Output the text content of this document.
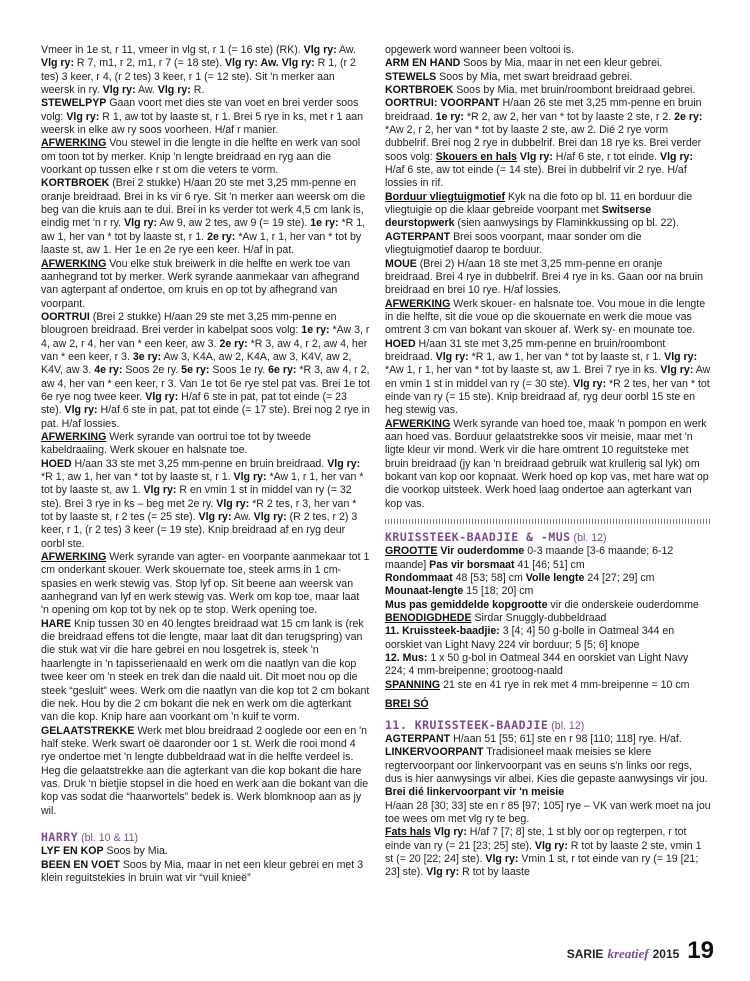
Vmeer in 1e st, r 11, vmeer in vlg st, r 1 (= 16 ste) (RK). Vlg ry: Aw. Vlg ry: R 7, m1, r 2, m1, r 7 (= 18 ste). Vlg ry: Aw. Vlg ry: R 1, (r 2 tes) 3 keer, r 4, (r 2 tes) 3 keer, r 1 (= 12 ste). Sit 'n merker aan weersk in ry. Vlg ry: Aw. Vlg ry: R.

STEWELPYP Gaan voort met dies ste van voet en brei verder soos volg: Vlg ry: R 1, aw tot by laaste st, r 1. Brei 5 rye in ks, met r 1 aan weersk in elke aw ry soos voorheen. H/af r manier.

AFWERKING Vou stewel in die lengte in die helfte en werk van sool om toon tot by merker. Knip 'n lengte breidraad en ryg aan die voorkant op tussen elke r st om die veters te vorm.

KORTBROEK (Brei 2 stukke) H/aan 20 ste met 3,25 mm-penne en oranje breidraad. Brei in ks vir 6 rye. Sit 'n merker aan weersk om die beg van die kruis aan te dui. Brei in ks verder tot werk 4,5 cm lank is, eindig met 'n r ry. Vlg ry: Aw 9, aw 2 tes, aw 9 (= 19 ste). 1e ry: *R 1, aw 1, her van * tot by laaste st, r 1. 2e ry: *Aw 1, r 1, her van * tot by laaste st, aw 1. Her 1e en 2e rye een keer. H/af in pat.

AFWERKING Vou elke stuk breiwerk in die helfte en werk toe van aanhegrand tot by merker. Werk syrande aanmekaar van afhegrand van agterpant af ondertoe, om kruis en op tot by afhegrand van voorpant.

OORTRUI (Brei 2 stukke) H/aan 29 ste met 3,25 mm-penne en blougroen breidraad. Brei verder in kabelpat soos volg: 1e ry: *Aw 3, r 4, aw 2, r 4, her van * een keer, aw 3. 2e ry: *R 3, aw 4, r 2, aw 4, her van * een keer, r 3. 3e ry: Aw 3, K4A, aw 2, K4A, aw 3, K4V, aw 2, K4V, aw 3. 4e ry: Soos 2e ry. 5e ry: Soos 1e ry. 6e ry: *R 3, aw 4, r 2, aw 4, her van * een keer, r 3. Van 1e tot 6e rye stel pat vas. Brei 1e tot 6e rye nog twee keer. Vlg ry: H/af 6 ste in pat, pat tot einde (= 23 ste). Vlg ry: H/af 6 ste in pat, pat tot einde (= 17 ste). Brei nog 2 rye in pat. H/af lossies.

AFWERKING Werk syrande van oortrui toe tot by tweede kabeldraaiing. Werk skouer en halsnate toe.

HOED H/aan 33 ste met 3,25 mm-penne en bruin breidraad. Vlg ry: *R 1, aw 1, her van * tot by laaste st, r 1. Vlg ry: *Aw 1, r 1, her van * tot by laaste st, aw 1. Vlg ry: R en vmin 1 st in middel van ry (= 32 ste). Brei 3 rye in ks – beg met 2e ry. Vlg ry: *R 2 tes, r 3, her van * tot by laaste st, r 2 tes (= 25 ste). Vlg ry: Aw. Vlg ry: (R 2 tes, r 2) 3 keer, r 1, (r 2 tes) 3 keer (= 19 ste). Knip breidraad af en ryg deur oorbl ste.

AFWERKING Werk syrande van agter- en voorpante aanmekaar tot 1 cm onderkant skouer. Werk skouernate toe, steek arms in 1 cm-spasies en werk stewig vas. Stop lyf op. Sit beene aan weersk van aanhegrand van lyf en werk stewig vas. Werk om kop toe, maar laat 'n opening om kop tot by nek op te stop. Werk opening toe.

HARE Knip tussen 30 en 40 lengtes breidraad wat 15 cm lank is (rek die breidraad effens tot die lengte, maar laat dit dan terugspring) van die stuk wat vir die hare gebrei en nou losgetrek is, steek 'n haarlengte in 'n tapisserienaald en werk om die naatlyn van die kop twee keer om 'n steek en trek dan die naald uit. Dit moet nou op die steek “gesluit” wees. Werk om die naatlyn van die kop tot 2 cm bokant die nek. Hou by die 2 cm bokant die nek en werk om die agterkant van die kop. Knip hare aan voorkant om 'n kuif te vorm.

GELAATSTREKKE Werk met blou breidraad 2 ooglede oor een en 'n half steke. Werk swart oë daaronder oor 1 st. Werk die rooi mond 4 rye ondertoe met 'n lengte dubbeldraad wat in die helfte verdeel is. Heg die gelaatstrekke aan die agterkant van die kop bokant die hare vas. Druk 'n bietjie stopsel in die hoed en werk aan die bokant van die kop vas sodat die “haarwortels” bedek is. Werk blomknoop aan as jy wil.

HARRY (bl. 10 & 11)

LYF EN KOP Soos by Mia.

BEEN EN VOET Soos by Mia, maar in net een kleur gebrei en met 3 klein reguitstekies in bruin wat vir “vuil knieë”

opgewerk word wanneer been voltooi is.

ARM EN HAND Soos by Mia, maar in net een kleur gebrei.

STEWELS Soos by Mia, met swart breidraad gebrei.

KORTBROEK Soos by Mia, met bruin/roombont breidraad gebrei.

OORTRUI: VOORPANT H/aan 26 ste met 3,25 mm-penne en bruin breidraad. 1e ry: *R 2, aw 2, her van * tot by laaste 2 ste, r 2. 2e ry: *Aw 2, r 2, her van * tot by laaste 2 ste, aw 2. Dié 2 rye vorm dubbelrif. Brei nog 2 rye in dubbelrif. Brei dan 18 rye ks. Brei verder soos volg: Skouers en hals Vlg ry: H/af 6 ste, r tot einde. Vlg ry: H/af 6 ste, aw tot einde (= 14 ste). Brei in dubbelrif vir 2 rye. H/af lossies in rif.

Borduur vliegtuigmotief Kyk na die foto op bl. 11 en borduur die vliegtuigie op die klaar gebreide voorpant met Switserse deurstopwerk (sien aanwysings by Flaminkkussing op bl. 22).

AGTERPANT Brei soos voorpant, maar sonder om die vliegtuigmotief daarop te borduur.

MOUE (Brei 2) H/aan 18 ste met 3,25 mm-penne en oranje breidraad. Brei 4 rye in dubbelrif. Brei 4 rye in ks. Gaan oor na bruin breidraad en brei 10 rye. H/af lossies.

AFWERKING Werk skouer- en halsnate toe. Vou moue in die lengte in die helfte, sit die voue op die skouernate en werk die moue vas omtrent 3 cm van bokant van skouer af. Werk sy- en mounate toe.

HOED H/aan 31 ste met 3,25 mm-penne en bruin/roombont breidraad. Vlg ry: *R 1, aw 1, her van * tot by laaste st, r 1. Vlg ry: *Aw 1, r 1, her van * tot by laaste st, aw 1. Brei 7 rye in ks. Vlg ry: Aw en vmin 1 st in middel van ry (= 30 ste). Vlg ry: *R 2 tes, her van * tot einde van ry (= 15 ste). Knip breidraad af, ryg deur oorbl 15 ste en heg stewig vas.

AFWERKING Werk syrande van hoed toe, maak 'n pompon en werk aan hoed vas. Borduur gelaatstrekke soos vir meisie, maar met 'n ligte kleur vir mond. Werk vir die hare omtrent 10 reguitsteke met bruin breidraad (jy kan 'n breidraad gebruik wat krullerig sal lyk) om bokant van kop oor kopnaat. Werk hoed op kop vas, met hare wat op die voorkop uitsteek. Werk hoed laag ondertoe aan agterkant van kop vas.

KRUISSTEEK-BAADJIE & -MUS (bl. 12)

GROOTTE Vir ouderdomme 0-3 maande [3-6 maande; 6-12 maande] Pas vir borsmaat 41 [46; 51] cm

Rondommaat 48 [53; 58] cm Volle lengte 24 [27; 29] cm

Mounaat-lengte 15 [18; 20] cm

Mus pas gemiddelde kopgrootte vir die onderskeie ouderdomme

BENODIGDHEDE Sirdar Snuggly-dubbeldraad

11. Kruissteek-baadjie: 3 [4; 4] 50 g-bolle in Oatmeal 344 en oorskiet van Light Navy 224 vir borduur; 5 [5; 6] knope

12. Mus: 1 x 50 g-bol in Oatmeal 344 en oorskiet van Light Navy 224; 4 mm-breipenne; grootoog-naald

SPANNING 21 ste en 41 rye in rek met 4 mm-breipenne = 10 cm

BREI SÓ

11. KRUISSTEEK-BAADJIE (bl. 12)

AGTERPANT H/aan 51 [55; 61] ste en r 98 [110; 118] rye. H/af.

LINKERVOORPANT Tradisioneel maak meisies se klere regtervoorpant oor linkervoorpant vas en seuns s'n links oor regs, dus is hier aanwysings vir albei. Kies die gepaste aanwysings vir jou.

Brei dié linkervoorpant vir 'n meisie

H/aan 28 [30; 33] ste en r 85 [97; 105] rye – VK van werk moet na jou toe wees om met vlg ry te beg.

Fats hals Vlg ry: H/af 7 [7; 8] ste, 1 st bly oor op regterpen, r tot einde van ry (= 21 [23; 25] ste). Vlg ry: R tot by laaste 2 ste, vmin 1 st (= 20 [22; 24] ste). Vlg ry: Vmin 1 st, r tot einde van ry (= 19 [21; 23] ste). Vlg ry: R tot by laaste

SARIE kreatief 2015 19
